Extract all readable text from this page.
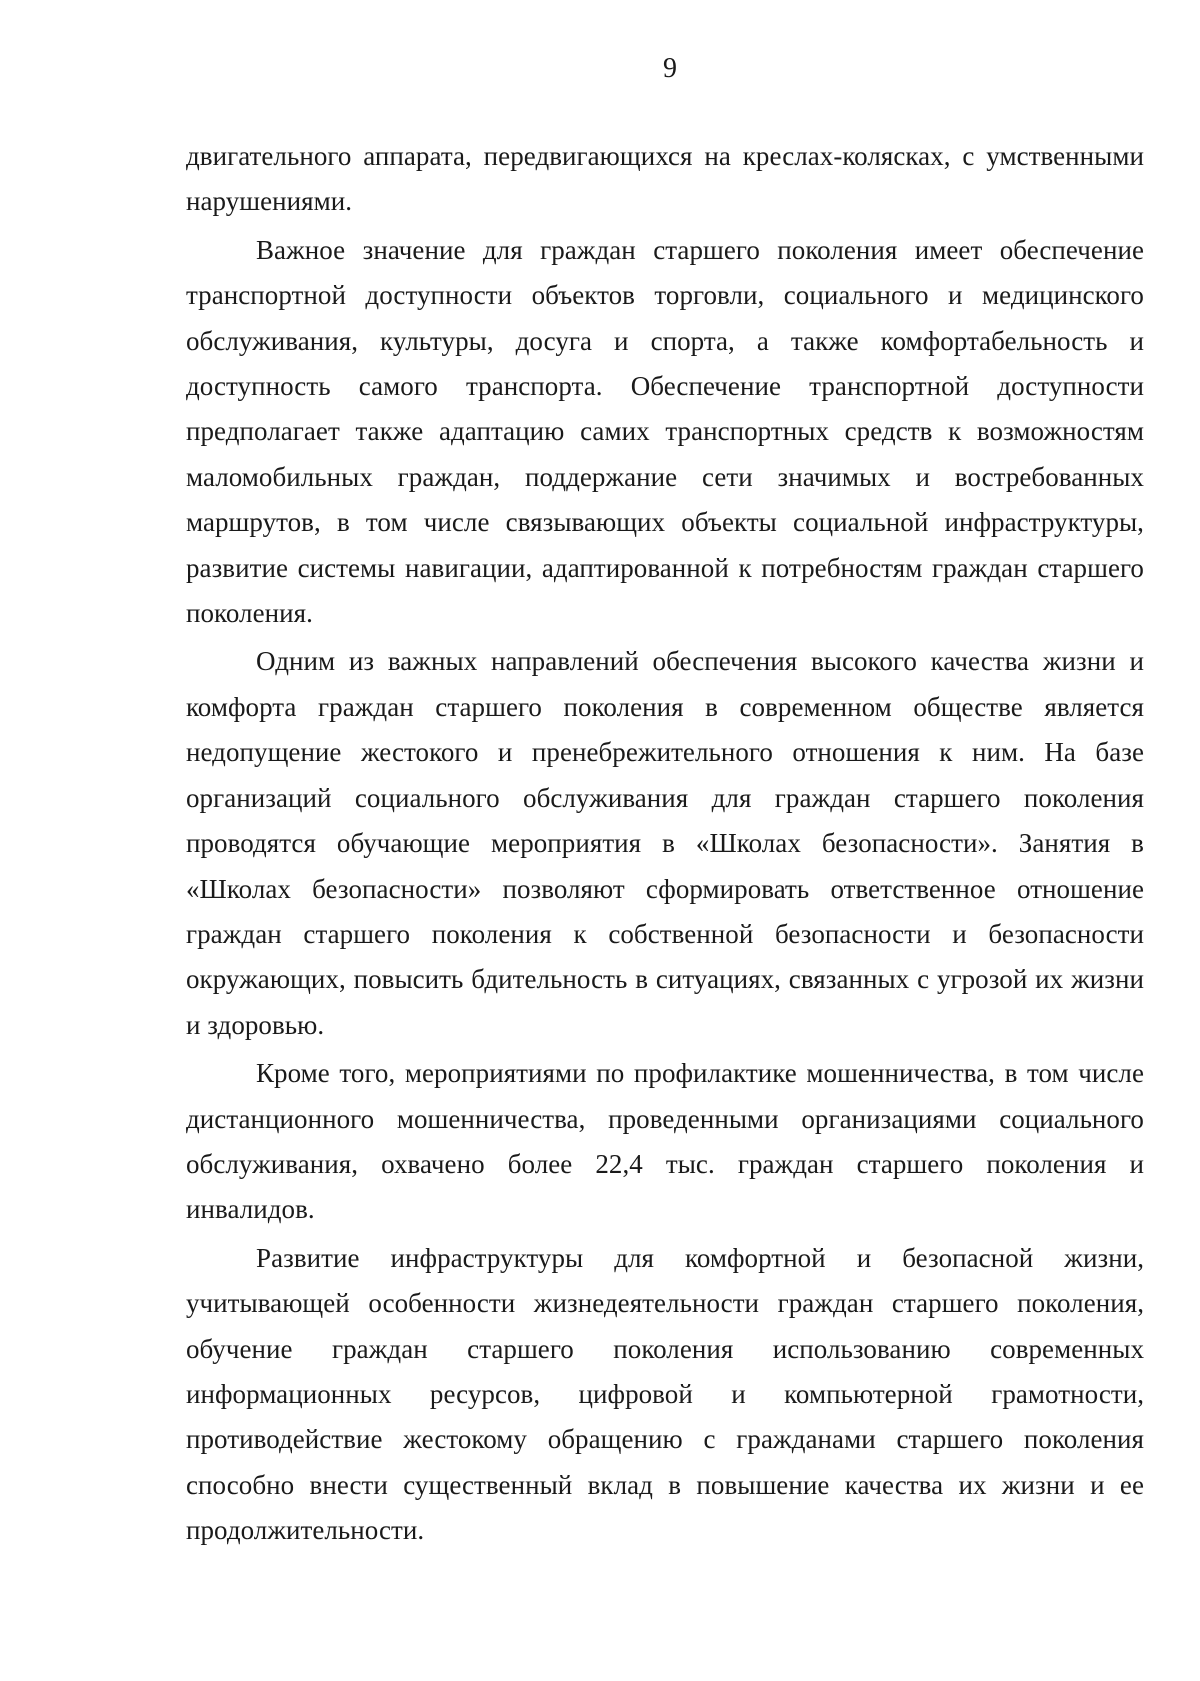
9

двигательного аппарата, передвигающихся на креслах-колясках, с умственными нарушениями.

Важное значение для граждан старшего поколения имеет обеспечение транспортной доступности объектов торговли, социального и медицинского обслуживания, культуры, досуга и спорта, а также комфортабельность и доступность самого транспорта. Обеспечение транспортной доступности предполагает также адаптацию самих транспортных средств к возможностям маломобильных граждан, поддержание сети значимых и востребованных маршрутов, в том числе связывающих объекты социальной инфраструктуры, развитие системы навигации, адаптированной к потребностям граждан старшего поколения.

Одним из важных направлений обеспечения высокого качества жизни и комфорта граждан старшего поколения в современном обществе является недопущение жестокого и пренебрежительного отношения к ним. На базе организаций социального обслуживания для граждан старшего поколения проводятся обучающие мероприятия в «Школах безопасности». Занятия в «Школах безопасности» позволяют сформировать ответственное отношение граждан старшего поколения к собственной безопасности и безопасности окружающих, повысить бдительность в ситуациях, связанных с угрозой их жизни и здоровью.

Кроме того, мероприятиями по профилактике мошенничества, в том числе дистанционного мошенничества, проведенными организациями социального обслуживания, охвачено более 22,4 тыс. граждан старшего поколения и инвалидов.

Развитие инфраструктуры для комфортной и безопасной жизни, учитывающей особенности жизнедеятельности граждан старшего поколения, обучение граждан старшего поколения использованию современных информационных ресурсов, цифровой и компьютерной грамотности, противодействие жестокому обращению с гражданами старшего поколения способно внести существенный вклад в повышение качества их жизни и ее продолжительности.
